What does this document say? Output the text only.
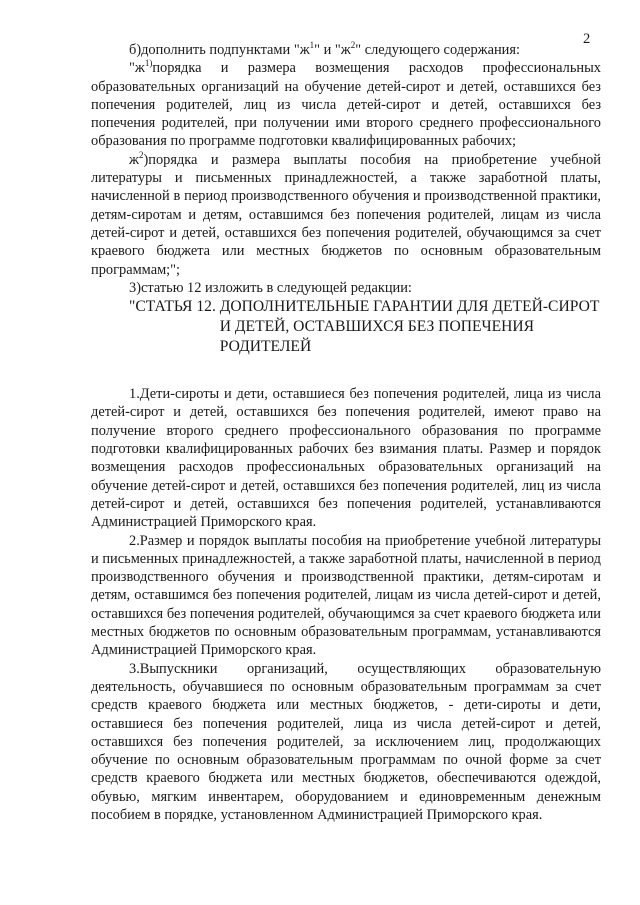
2

б)дополнить подпунктами "$ж^1$" и "$ж^2$" следующего содержания:

"$ж^{1)}порядка$ и размера возмещения расходов профессиональных образовательных организаций на обучение детей-сирот и детей, оставшихся без попечения родителей, лиц из числа детей-сирот и детей, оставшихся без попечения родителей, при получении ими второго среднего профессионального образования по программе подготовки квалифицированных рабочих;

$ж^2)порядка$ и размера выплаты пособия на приобретение учебной литературы и письменных принадлежностей, а также заработной платы, начисленной в период производственного обучения и производственной практики, детям-сиротам и детям, оставшимся без попечения родителей, лицам из числа детей-сирот и детей, оставшихся без попечения родителей, обучающимся за счет краевого бюджета или местных бюджетов по основным образовательным программам;";

3)статью 12 изложить в следующей редакции:

"СТАТЬЯ 12. ДОПОЛНИТЕЛЬНЫЕ ГАРАНТИИ ДЛЯ ДЕТЕЙ-СИРОТ И ДЕТЕЙ, ОСТАВШИХСЯ БЕЗ ПОПЕЧЕНИЯ РОДИТЕЛЕЙ

1.Дети-сироты и дети, оставшиеся без попечения родителей, лица из числа детей-сирот и детей, оставшихся без попечения родителей, имеют право на получение второго среднего профессионального образования по программе подготовки квалифицированных рабочих без взимания платы. Размер и порядок возмещения расходов профессиональных образовательных организаций на обучение детей-сирот и детей, оставшихся без попечения родителей, лиц из числа детей-сирот и детей, оставшихся без попечения родителей, устанавливаются Администрацией Приморского края.

2.Размер и порядок выплаты пособия на приобретение учебной литературы и письменных принадлежностей, а также заработной платы, начисленной в период производственного обучения и производственной практики, детям-сиротам и детям, оставшимся без попечения родителей, лицам из числа детей-сирот и детей, оставшихся без попечения родителей, обучающимся за счет краевого бюджета или местных бюджетов по основным образовательным программам, устанавливаются Администрацией Приморского края.

3.Выпускники организаций, осуществляющих образовательную деятельность, обучавшиеся по основным образовательным программам за счет средств краевого бюджета или местных бюджетов, - дети-сироты и дети, оставшиеся без попечения родителей, лица из числа детей-сирот и детей, оставшихся без попечения родителей, за исключением лиц, продолжающих обучение по основным образовательным программам по очной форме за счет средств краевого бюджета или местных бюджетов, обеспечиваются одеждой, обувью, мягким инвентарем, оборудованием и единовременным денежным пособием в порядке, установленном Администрацией Приморского края.
